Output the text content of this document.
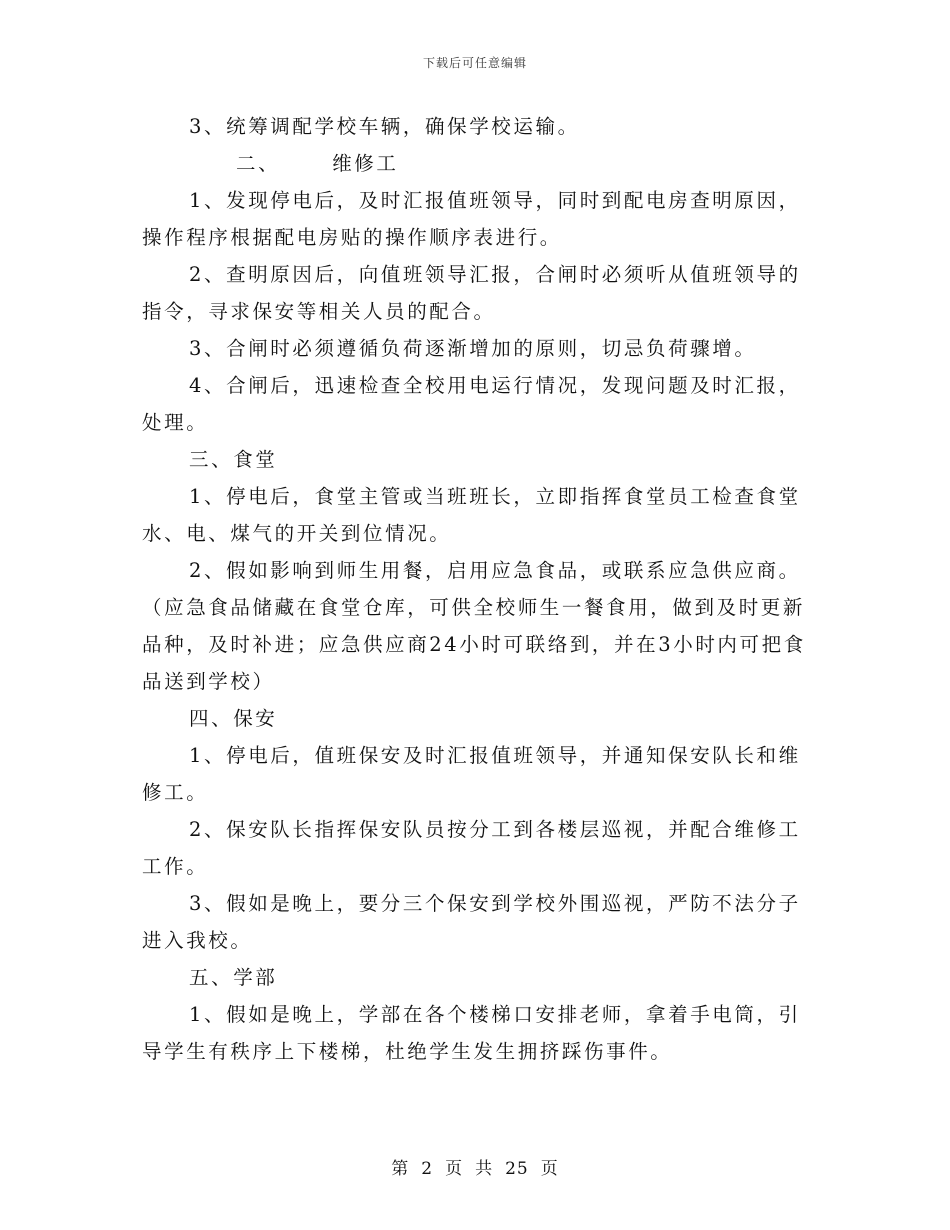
下载后可任意编辑

3、统筹调配学校车辆，确保学校运输。

二、	维修工

1、发现停电后，及时汇报值班领导，同时到配电房查明原因，操作程序根据配电房贴的操作顺序表进行。

2、查明原因后，向值班领导汇报，合闸时必须听从值班领导的指令，寻求保安等相关人员的配合。

3、合闸时必须遵循负荷逐渐增加的原则，切忌负荷骤增。

4、合闸后，迅速检查全校用电运行情况，发现问题及时汇报，处理。

三、食堂

1、停电后，食堂主管或当班班长，立即指挥食堂员工检查食堂水、电、煤气的开关到位情况。

2、假如影响到师生用餐，启用应急食品，或联系应急供应商。

（应急食品储藏在食堂仓库，可供全校师生一餐食用，做到及时更新品种，及时补进；应急供应商24小时可联络到，并在3小时内可把食品送到学校）

四、保安

1、停电后，值班保安及时汇报值班领导，并通知保安队长和维修工。

2、保安队长指挥保安队员按分工到各楼层巡视，并配合维修工工作。

3、假如是晚上，要分三个保安到学校外围巡视，严防不法分子进入我校。

五、学部

1、假如是晚上，学部在各个楼梯口安排老师，拿着手电筒，引导学生有秩序上下楼梯，杜绝学生发生拥挤踩伤事件。

第 2 页 共 25 页
